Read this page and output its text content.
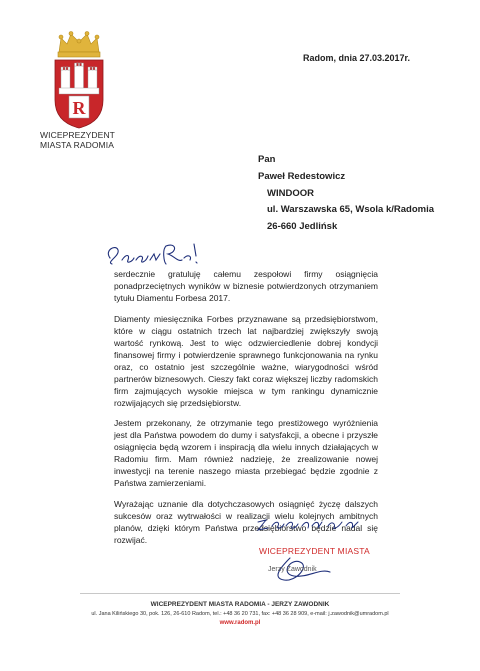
R
WICEPREZYDENT
MIASTA RADOMIA
Radom, dnia 27.03.2017r.
Pan
Paweł Redestowicz
WINDOOR
ul. Warszawska 65, Wsola k/Radomia
26-660 Jedlińsk

serdecznie gratuluję całemu zespołowi firmy osiągnięcia ponadprzeciętnych wyników w biznesie potwierdzonych otrzymaniem tytułu Diamentu Forbesa 2017.

Diamenty miesięcznika Forbes przyznawane są przedsiębiorstwom, które w ciągu ostatnich trzech lat najbardziej zwiększyły swoją wartość rynkową. Jest to więc odzwierciedlenie dobrej kondycji finansowej firmy i potwierdzenie sprawnego funkcjonowania na rynku oraz, co ostatnio jest szczególnie ważne, wiarygodności wśród partnerów biznesowych. Cieszy fakt coraz większej liczby radomskich firm zajmujących wysokie miejsca w tym rankingu dynamicznie rozwijających się przedsiębiorstw.

Jestem przekonany, że otrzymanie tego prestiżowego wyróżnienia jest dla Państwa powodem do dumy i satysfakcji, a obecne i przyszłe osiągnięcia będą wzorem i inspiracją dla wielu innych działających w Radomiu firm. Mam również nadzieję, że zrealizowanie nowej inwestycji na terenie naszego miasta przebiegać będzie zgodnie z Państwa zamierzeniami.

Wyrażając uznanie dla dotychczasowych osiągnięć życzę dalszych sukcesów oraz wytrwałości w realizacji wielu kolejnych ambitnych planów, dzięki którym Państwa przedsiębiorstwo będzie nadal się rozwijać.

WICEPREZYDENT MIASTA
Jerzy Zawodnik
WICEPREZYDENT MIASTA RADOMIA - JERZY ZAWODNIK
ul. Jana Kilińskiego 30, pok. 126, 26-610 Radom, tel.: +48 36 20 731, fax: +48 36 28 909, e-mail: j.zawodnik@umradom.pl
www.radom.pl
